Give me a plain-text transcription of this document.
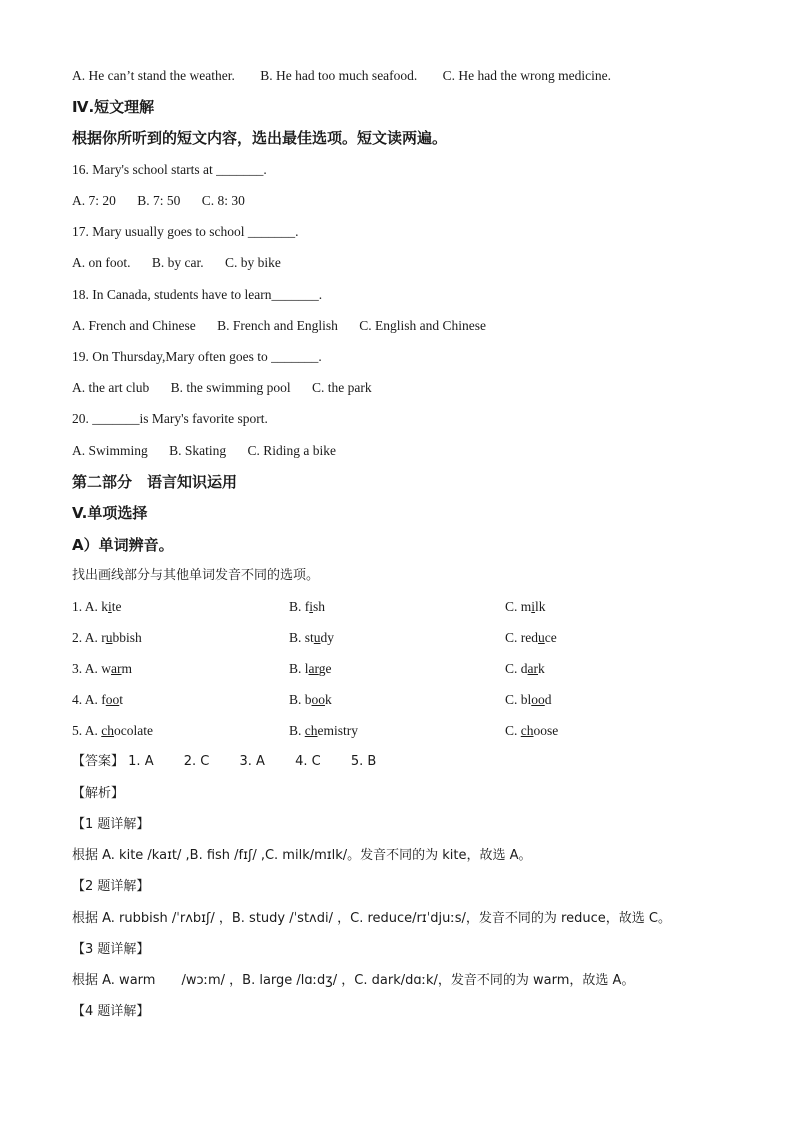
A. He can’t stand the weather. B. He had too much seafood. C. He had the wrong medicine.
Ⅳ.短文理解
根据你所听到的短文内容，选出最佳选项。短文读两遍。
16. Mary's school starts at _______.
A. 7: 20 B. 7: 50 C. 8: 30
17. Mary usually goes to school _______.
A. on foot. B. by car. C. by bike
18. In Canada, students have to learn_______.
A. French and Chinese B. French and English C. English and Chinese
19. On Thursday,Mary often goes to _______.
A. the art club B. the swimming pool C. the park
20. _______is Mary's favorite sport.
A. Swimming B. Skating C. Riding a bike
第二部分　语言知识运用
V.单项选择
A）单词辨音。
找出画线部分与其他单词发音不同的选项。
1. A. kite	B. fish	C. milk
2. A. rubbish	B. study	C. reduce
3. A. warm	B. large	C. dark
4. A. foot	B. book	C. blood
5. A. chocolate	B. chemistry	C. choose
【答案】 1. A 2. C 3. A 4. C 5. B
【解析】
【1 题详解】
根据 A. kite /kaɪt/ ,B. fish /fɪʃ/ ,C. milk/mɪlk/。发音不同的为 kite，故选 A。
【2 题详解】
根据 A. rubbish /ˈrʌbɪʃ/ ，B. study /ˈstʌdi/ ，C. reduce/rɪˈdjuːs/，发音不同的为 reduce，故选 C。
【3 题详解】
根据 A. warm　　/wɔːm/ ，B. large /lɑːdʒ/ ，C. dark/dɑːk/，发音不同的为 warm，故选 A。
【4 题详解】
